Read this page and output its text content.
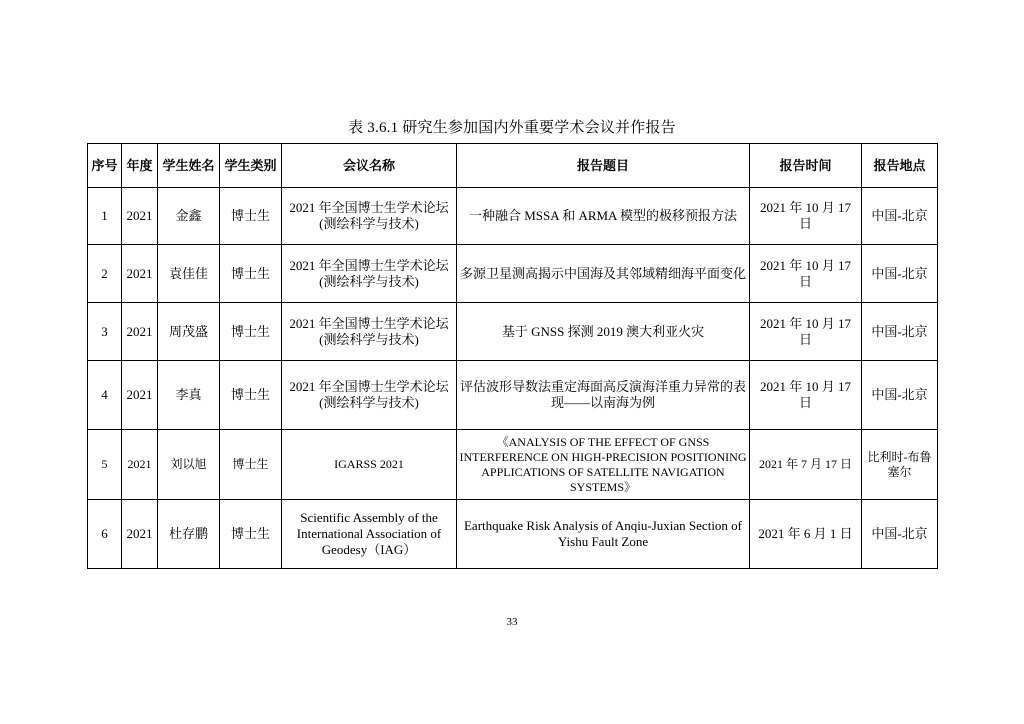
表 3.6.1 研究生参加国内外重要学术会议并作报告
序号	年度	学生姓名	学生类别	会议名称	报告题目	报告时间	报告地点
1	2021	金鑫	博士生	2021 年全国博士生学术论坛(测绘科学与技术)	一种融合 MSSA 和 ARMA 模型的极移预报方法	2021 年 10 月 17 日	中国-北京
2	2021	袁佳佳	博士生	2021 年全国博士生学术论坛(测绘科学与技术)	多源卫星测高揭示中国海及其邻域精细海平面变化	2021 年 10 月 17 日	中国-北京
3	2021	周茂盛	博士生	2021 年全国博士生学术论坛(测绘科学与技术)	基于 GNSS 探测 2019 澳大利亚火灾	2021 年 10 月 17 日	中国-北京
4	2021	李真	博士生	2021 年全国博士生学术论坛(测绘科学与技术)	评估波形导数法重定海面高反演海洋重力异常的表现——以南海为例	2021 年 10 月 17 日	中国-北京
5	2021	刘以旭	博士生	IGARSS 2021	《ANALYSIS OF THE EFFECT OF GNSS INTERFERENCE ON HIGH-PRECISION POSITIONING APPLICATIONS OF SATELLITE NAVIGATION SYSTEMS》	2021 年 7 月 17 日	比利时-布鲁塞尔
6	2021	杜存鹏	博士生	Scientific Assembly of the International Association of Geodesy（IAG）	Earthquake Risk Analysis of Anqiu-Juxian Section of Yishu Fault Zone	2021 年 6 月 1 日	中国-北京
33
